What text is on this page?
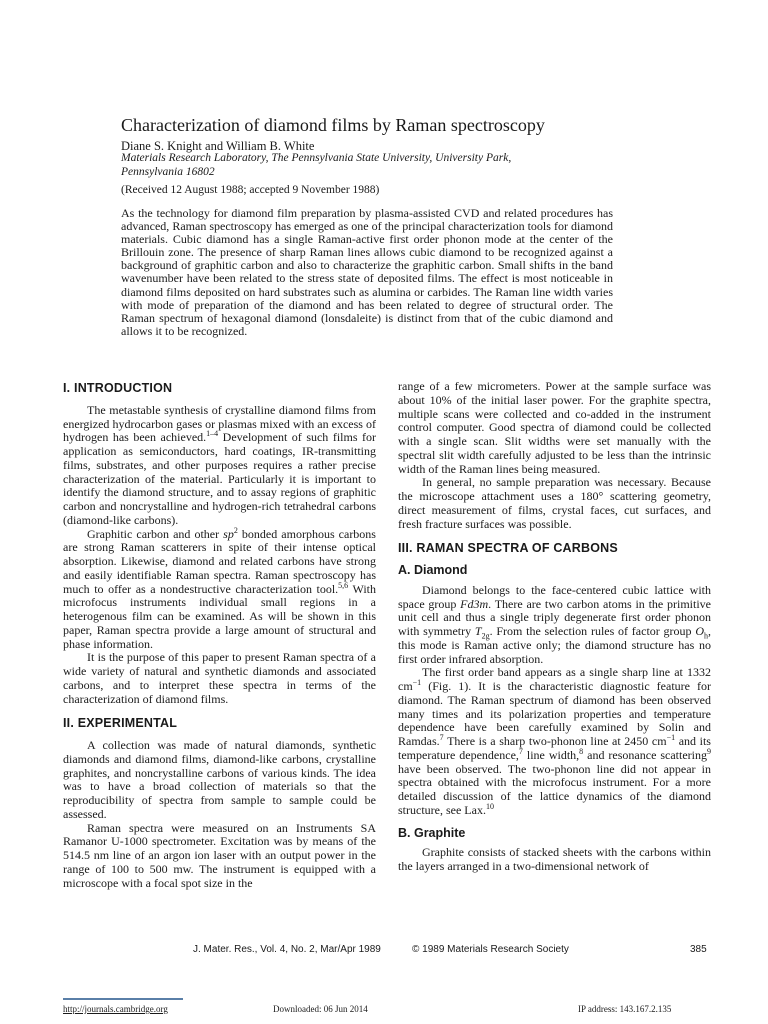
Characterization of diamond films by Raman spectroscopy
Diane S. Knight and William B. White
Materials Research Laboratory, The Pennsylvania State University, University Park, Pennsylvania 16802
(Received 12 August 1988; accepted 9 November 1988)
As the technology for diamond film preparation by plasma-assisted CVD and related procedures has advanced, Raman spectroscopy has emerged as one of the principal characterization tools for diamond materials. Cubic diamond has a single Raman-active first order phonon mode at the center of the Brillouin zone. The presence of sharp Raman lines allows cubic diamond to be recognized against a background of graphitic carbon and also to characterize the graphitic carbon. Small shifts in the band wavenumber have been related to the stress state of deposited films. The effect is most noticeable in diamond films deposited on hard substrates such as alumina or carbides. The Raman line width varies with mode of preparation of the diamond and has been related to degree of structural order. The Raman spectrum of hexagonal diamond (lonsdaleite) is distinct from that of the cubic diamond and allows it to be recognized.
I. INTRODUCTION

The metastable synthesis of crystalline diamond films from energized hydrocarbon gases or plasmas mixed with an excess of hydrogen has been achieved.$^{1-4}$ Development of such films for application as semiconductors, hard coatings, IR-transmitting films, substrates, and other purposes requires a rather precise characterization of the material. Particularly it is important to identify the diamond structure, and to assay regions of graphitic carbon and noncrystalline and hydrogen-rich tetrahedral carbons (diamond-like carbons).

Graphitic carbon and other $sp^2$ bonded amorphous carbons are strong Raman scatterers in spite of their intense optical absorption. Likewise, diamond and related carbons have strong and easily identifiable Raman spectra. Raman spectroscopy has much to offer as a nondestructive characterization tool.$^{5,6}$ With microfocus instruments individual small regions in a heterogenous film can be examined. As will be shown in this paper, Raman spectra provide a large amount of structural and phase information.

It is the purpose of this paper to present Raman spectra of a wide variety of natural and synthetic diamonds and associated carbons, and to interpret these spectra in terms of the characterization of diamond films.

II. EXPERIMENTAL

A collection was made of natural diamonds, synthetic diamonds and diamond films, diamond-like carbons, crystalline graphites, and noncrystalline carbons of various kinds. The idea was to have a broad collection of materials so that the reproducibility of spectra from sample to sample could be assessed.

Raman spectra were measured on an Instruments SA Ramanor U-1000 spectrometer. Excitation was by means of the 514.5 nm line of an argon ion laser with an output power in the range of 100 to 500 mw. The instrument is equipped with a microscope with a focal spot size in the

range of a few micrometers. Power at the sample surface was about 10% of the initial laser power. For the graphite spectra, multiple scans were collected and co-added in the instrument control computer. Good spectra of diamond could be collected with a single scan. Slit widths were set manually with the spectral slit width carefully adjusted to be less than the intrinsic width of the Raman lines being measured.

In general, no sample preparation was necessary. Because the microscope attachment uses a 180° scattering geometry, direct measurement of films, crystal faces, cut surfaces, and fresh fracture surfaces was possible.

III. RAMAN SPECTRA OF CARBONS
A. Diamond

Diamond belongs to the face-centered cubic lattice with space group Fd3m. There are two carbon atoms in the primitive unit cell and thus a single triply degenerate first order phonon with symmetry $T_{2g}$. From the selection rules of factor group $O_h$, this mode is Raman active only; the diamond structure has no first order infrared absorption.

The first order band appears as a single sharp line at 1332 $cm^{-1}$ (Fig. 1). It is the characteristic diagnostic feature for diamond. The Raman spectrum of diamond has been observed many times and its polarization properties and temperature dependence have been carefully examined by Solin and Ramdas.$^7$ There is a sharp two-phonon line at 2450 $cm^{-1}$ and its temperature dependence,$^7$ line width,$^8$ and resonance scattering$^9$ have been observed. The two-phonon line did not appear in spectra obtained with the microfocus instrument. For a more detailed discussion of the lattice dynamics of the diamond structure, see Lax.$^{10}$

B. Graphite

Graphite consists of stacked sheets with the carbons within the layers arranged in a two-dimensional network of

J. Mater. Res., Vol. 4, No. 2, Mar/Apr 1989	© 1989 Materials Research Society	385
http://journals.cambridge.org	Downloaded: 06 Jun 2014	IP address: 143.167.2.135
